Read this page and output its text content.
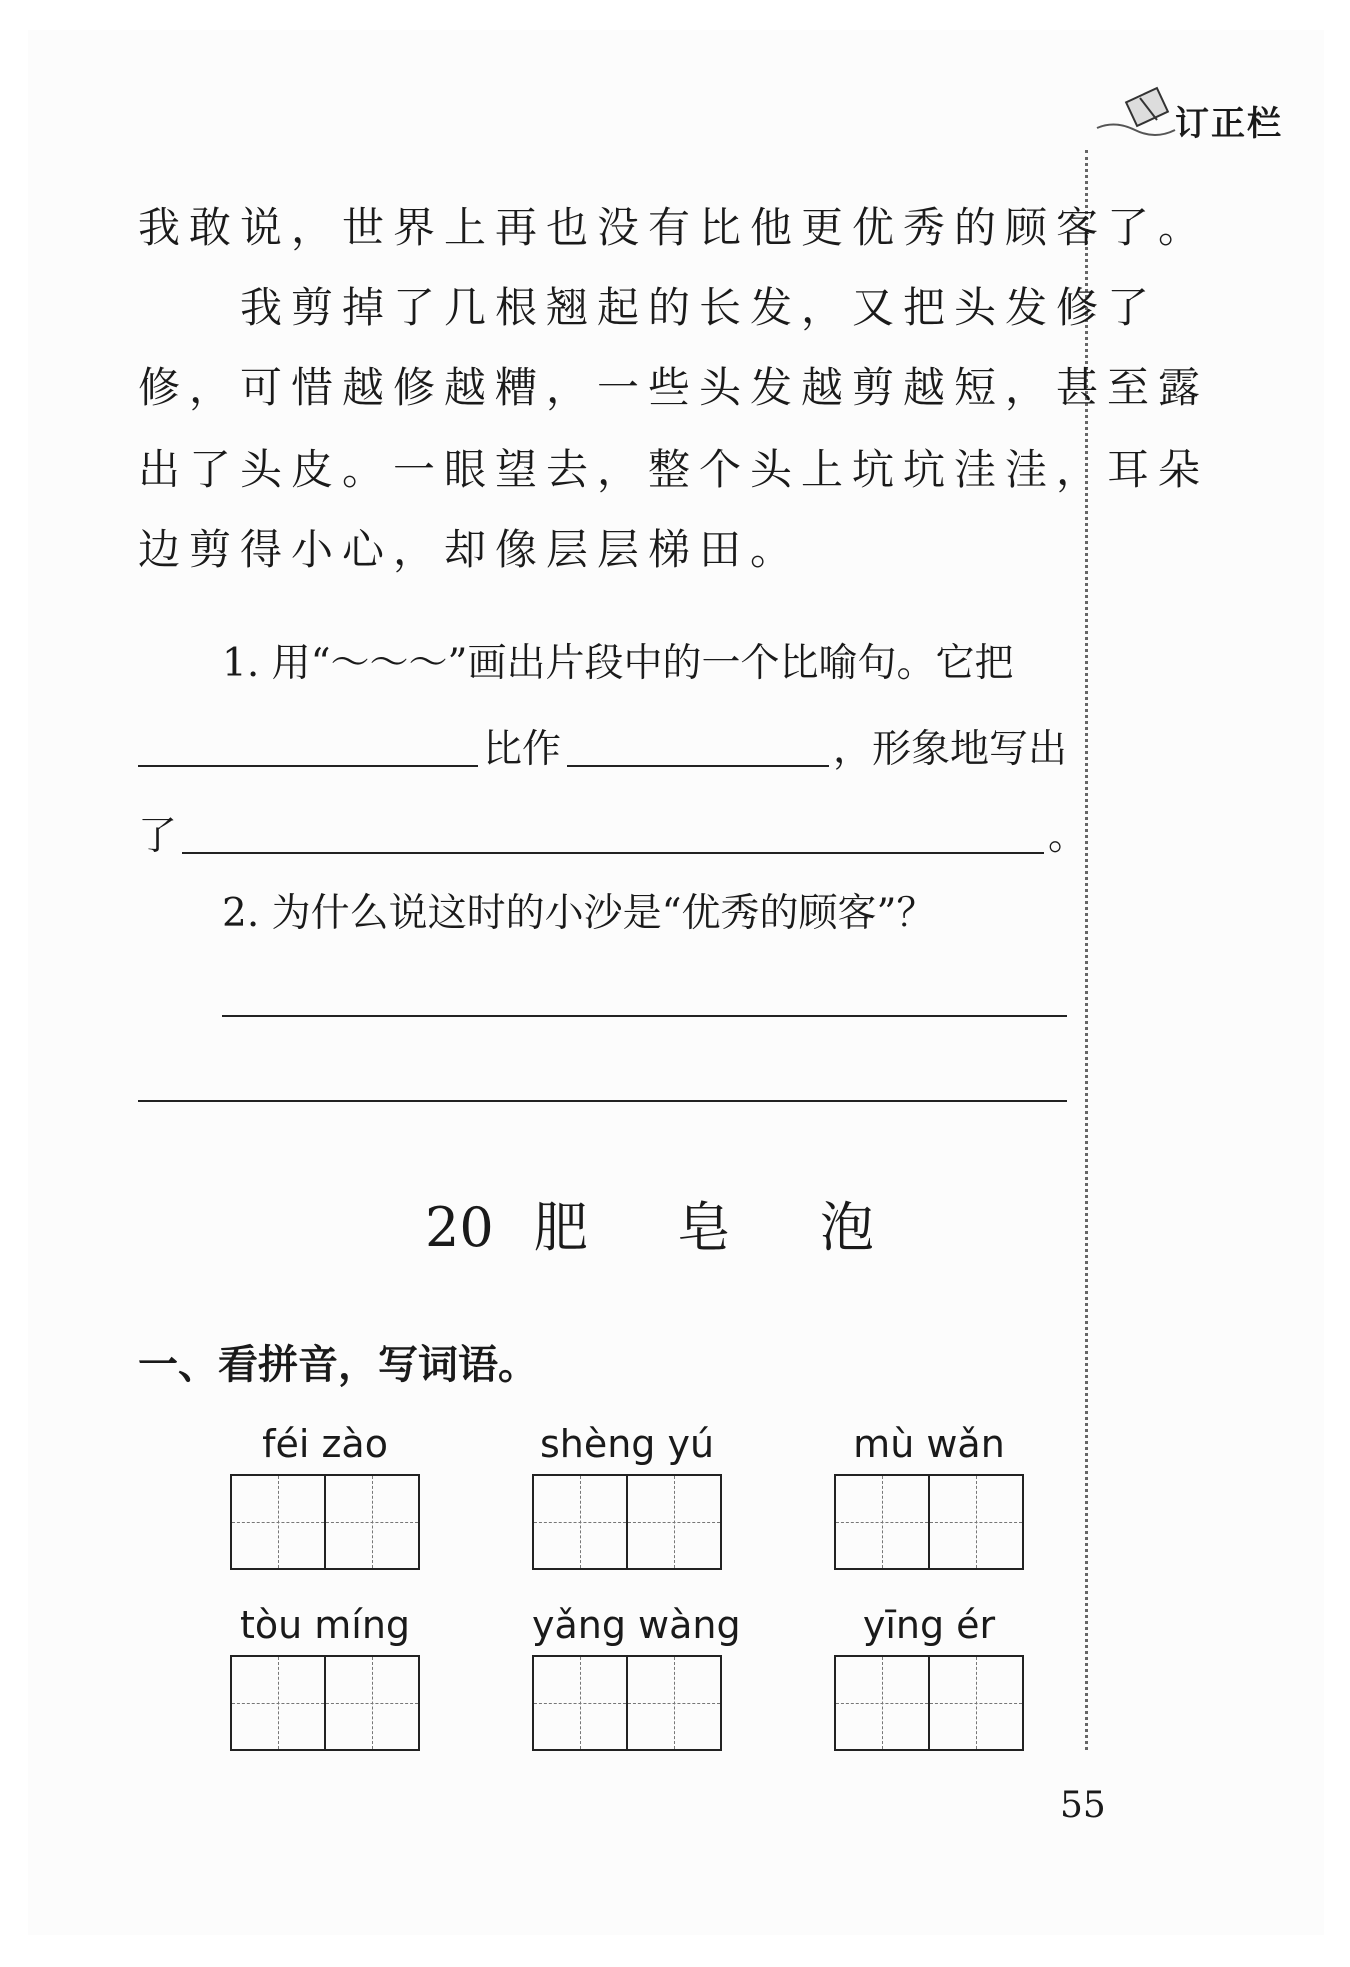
订正栏
我敢说，世界上再也没有比他更优秀的顾客了。
　　我剪掉了几根翘起的长发，又把头发修了
修，可惜越修越糟，一些头发越剪越短，甚至露
出了头皮。一眼望去，整个头上坑坑洼洼，耳朵
边剪得小心，却像层层梯田。
1. 用“～～～”画出片段中的一个比喻句。它把
比作	，形象地写出
了	。
2. 为什么说这时的小沙是“优秀的顾客”？
20 肥 皂 泡
一、看拼音，写词语。
féi zào	shèng yú	mù wǎn
tòu míng	yǎng wàng	yīng ér
55
